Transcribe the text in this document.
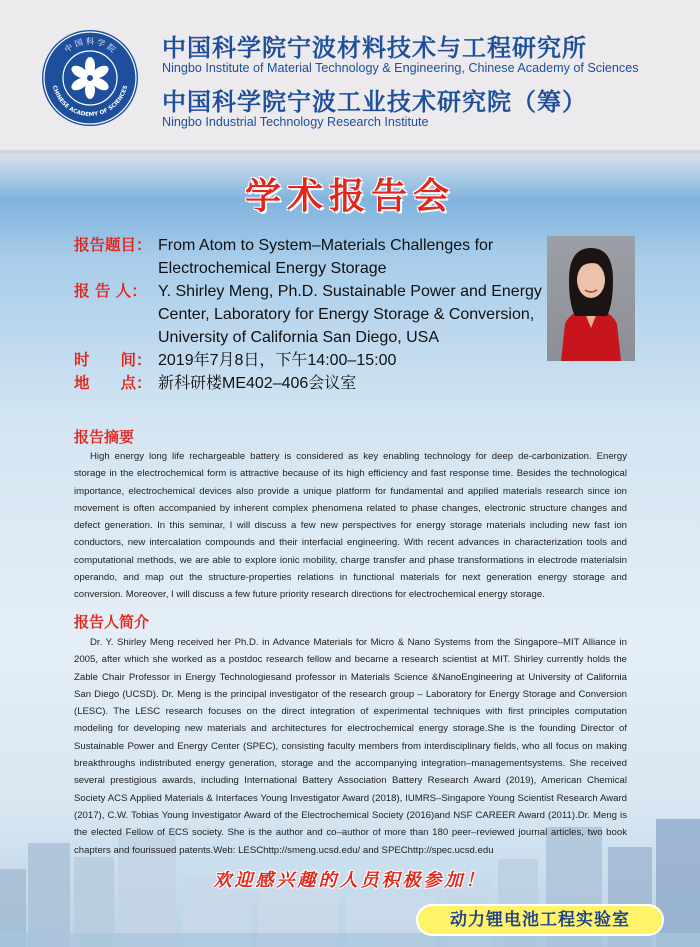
中 国 科 学 院
CHINESE ACADEMY OF SCIENCES
中国科学院宁波材料技术与工程研究所
Ningbo Institute of Material Technology & Engineering, Chinese Academy of Sciences
中国科学院宁波工业技术研究院（筹）
Ningbo Industrial Technology Research Institute
学术报告会
报告题目： From Atom to System–Materials Challenges for Electrochemical Energy Storage
报 告 人： Y. Shirley Meng, Ph.D. Sustainable Power and Energy Center, Laboratory for Energy Storage & Conversion, University of California San Diego, USA
时　　间： 2019年7月8日，下午14:00–15:00
地　　点： 新科研楼ME402–406会议室
报告摘要
High energy long life rechargeable battery is considered as key enabling technology for deep de-carbonization. Energy storage in the electrochemical form is attractive because of its high efficiency and fast response time. Besides the technological importance, electrochemical devices also provide a unique platform for fundamental and applied materials research since ion movement is often accompanied by inherent complex phenomena related to phase changes, electronic structure changes and defect generation. In this seminar, I will discuss a few new perspectives for energy storage materials including new fast ion conductors, new intercalation compounds and their interfacial engineering. With recent advances in characterization tools and computational methods, we are able to explore ionic mobility, charge transfer and phase transformations in electrode materialsin operando, and map out the structure-properties relations in functional materials for next generation energy storage and conversion. Moreover, I will discuss a few future priority research directions for electrochemical energy storage.
报告人简介
Dr. Y. Shirley Meng received her Ph.D. in Advance Materials for Micro & Nano Systems from the Singapore–MIT Alliance in 2005, after which she worked as a postdoc research fellow and became a research scientist at MIT. Shirley currently holds the Zable Chair Professor in Energy Technologiesand professor in Materials Science &NanoEngineering at University of California San Diego (UCSD). Dr. Meng is the principal investigator of the research group – Laboratory for Energy Storage and Conversion (LESC). The LESC research focuses on the direct integration of experimental techniques with first principles computation modeling for developing new materials and architectures for electrochemical energy storage.She is the founding Director of Sustainable Power and Energy Center (SPEC), consisting faculty members from interdisciplinary fields, who all focus on making breakthroughs indistributed energy generation, storage and the accompanying integration–managementsystems. She received several prestigious awards, including International Battery Association Battery Research Award (2019), American Chemical Society ACS Applied Materials & Interfaces Young Investigator Award (2018), IUMRS–Singapore Young Scientist Research Award (2017), C.W. Tobias Young Investigator Award of the Electrochemical Society (2016)and NSF CAREER Award (2011).Dr. Meng is the elected Fellow of ECS society. She is the author and co–author of more than 180 peer–reviewed journal articles, two book chapters and fourissued patents.Web: LESChttp://smeng.ucsd.edu/ and SPEChttp://spec.ucsd.edu
欢迎感兴趣的人员积极参加！
动力锂电池工程实验室
